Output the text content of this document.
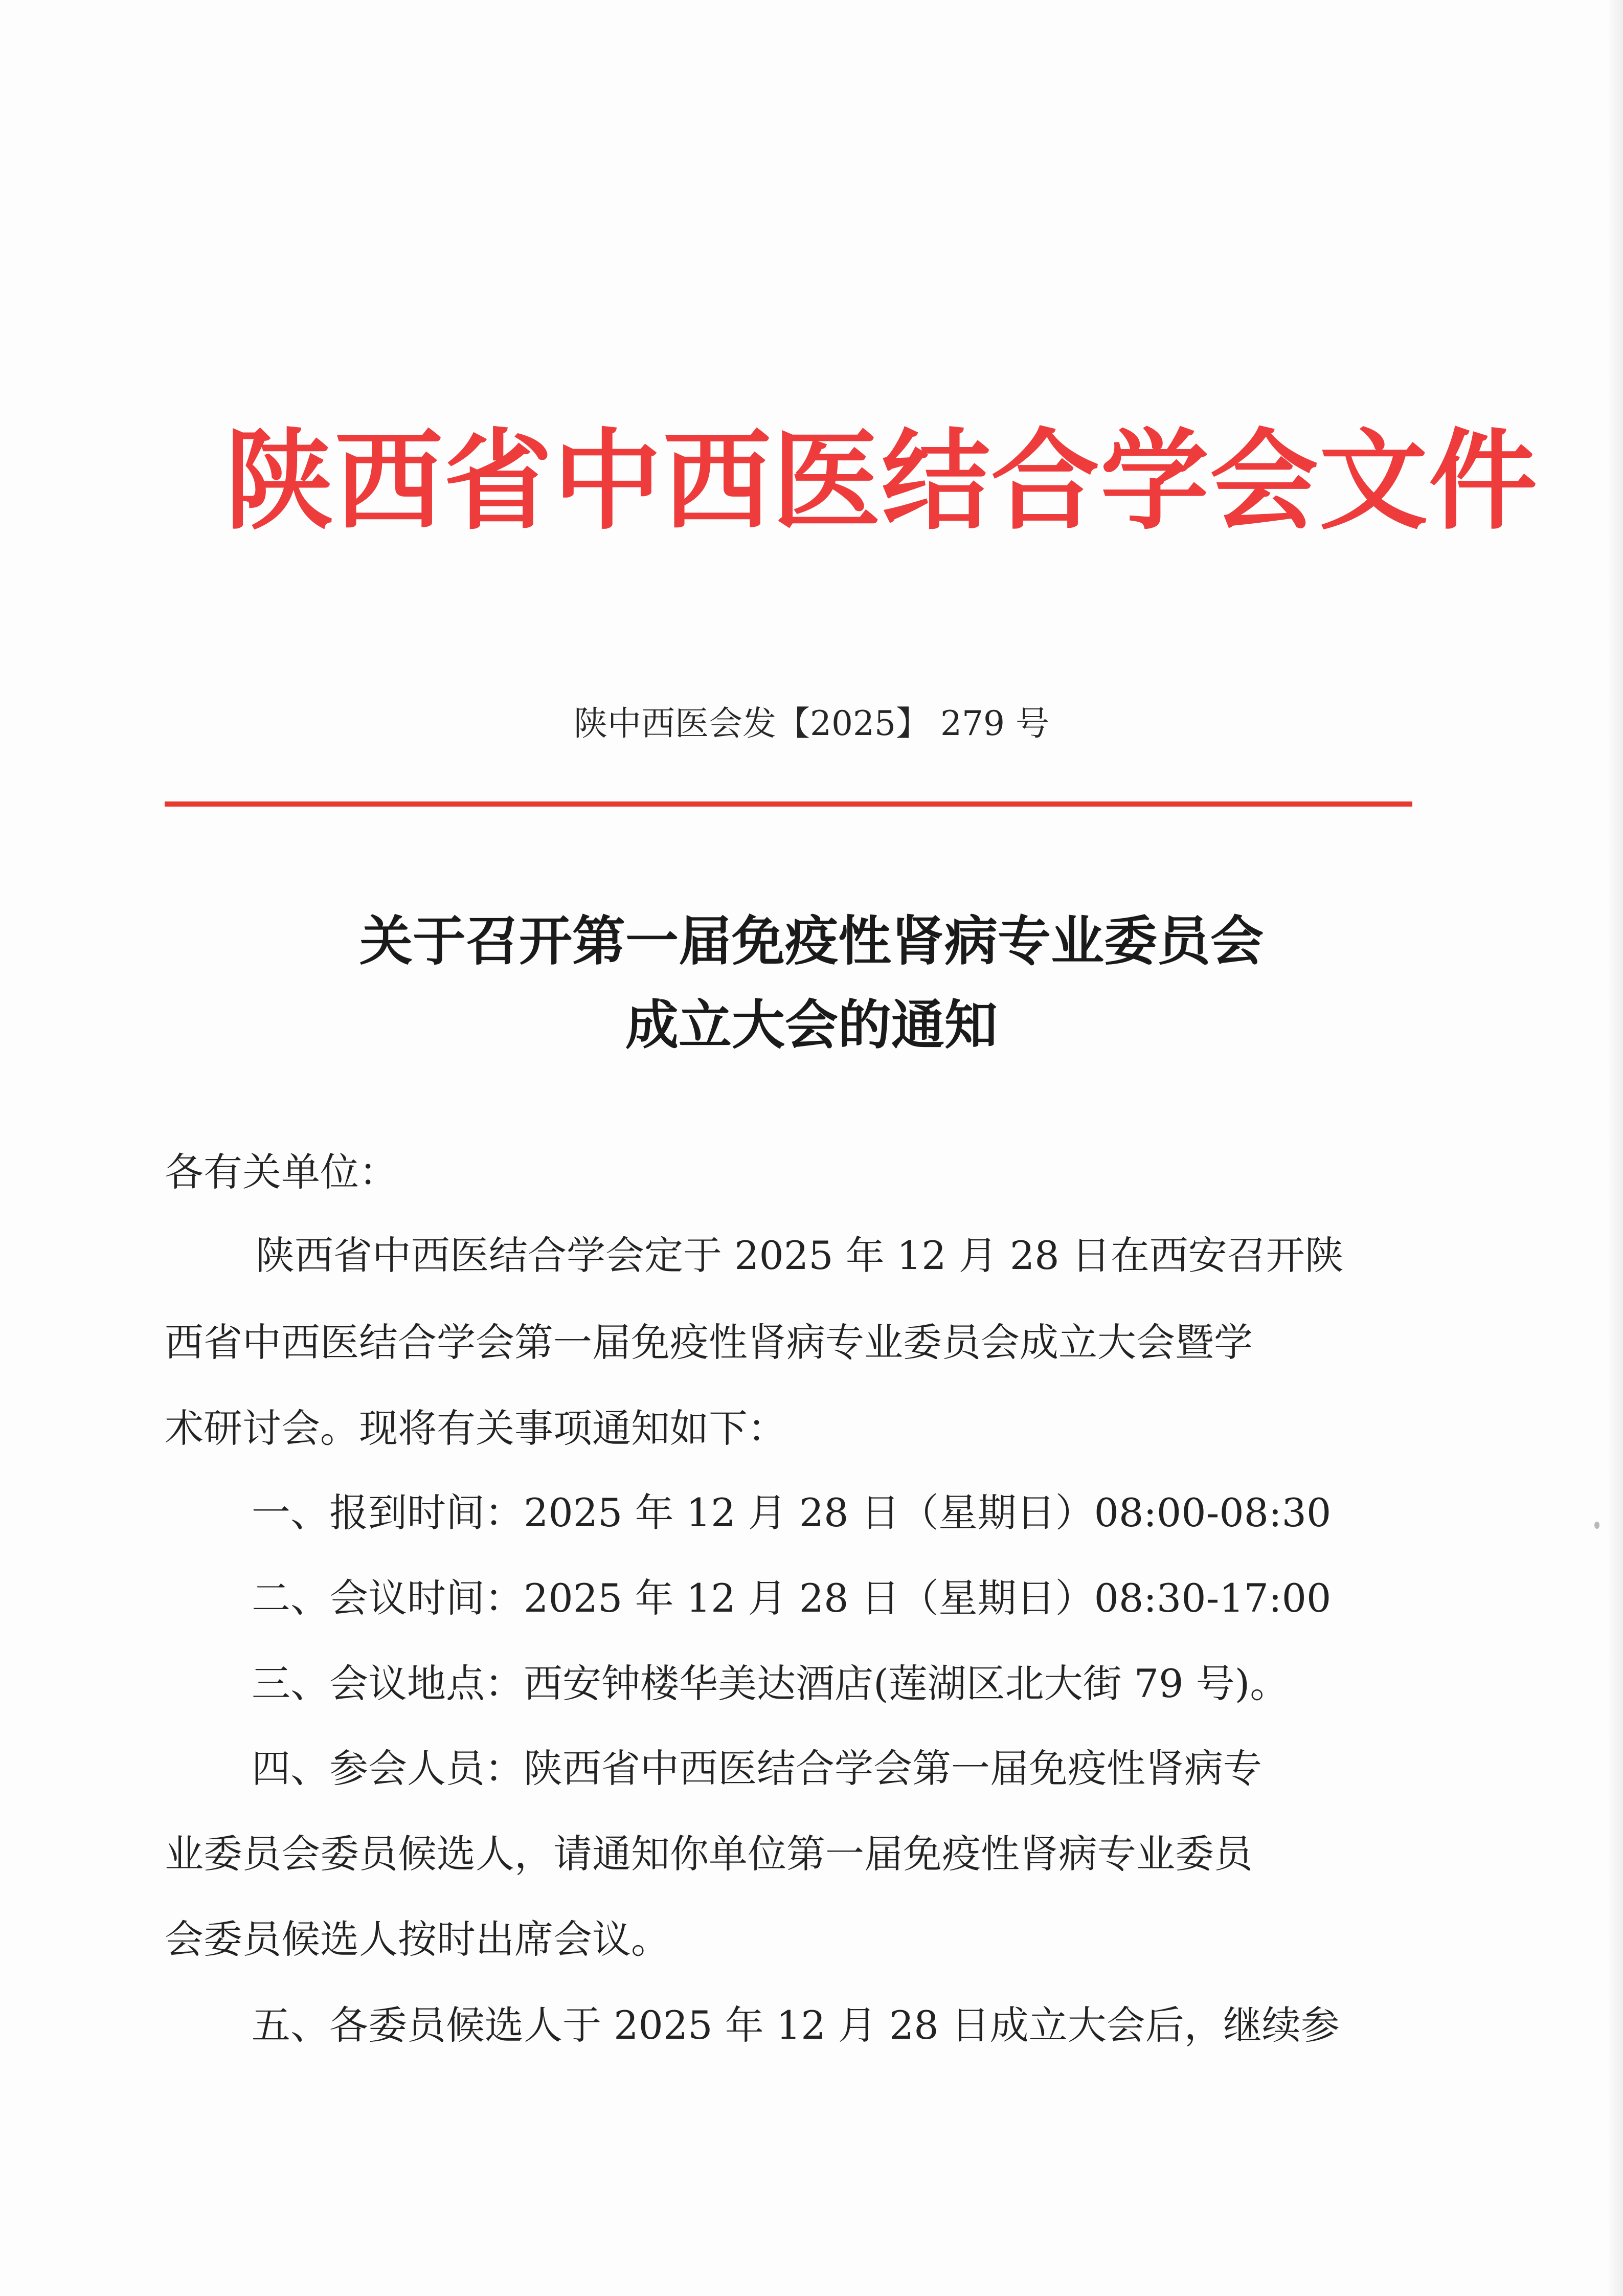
陕西省中西医结合学会文件
陕中西医会发【2025】 279 号
关于召开第一届免疫性肾病专业委员会
成立大会的通知
各有关单位：
陕西省中西医结合学会定于 2025 年 12 月 28 日在西安召开陕
西省中西医结合学会第一届免疫性肾病专业委员会成立大会暨学
术研讨会。现将有关事项通知如下：
一、报到时间：2025 年 12 月 28 日（星期日）08:00-08:30
二、会议时间：2025 年 12 月 28 日（星期日）08:30-17:00
三、会议地点：西安钟楼华美达酒店(莲湖区北大街 79 号)。
四、参会人员：陕西省中西医结合学会第一届免疫性肾病专
业委员会委员候选人，请通知你单位第一届免疫性肾病专业委员
会委员候选人按时出席会议。
五、各委员候选人于 2025 年 12 月 28 日成立大会后，继续参
